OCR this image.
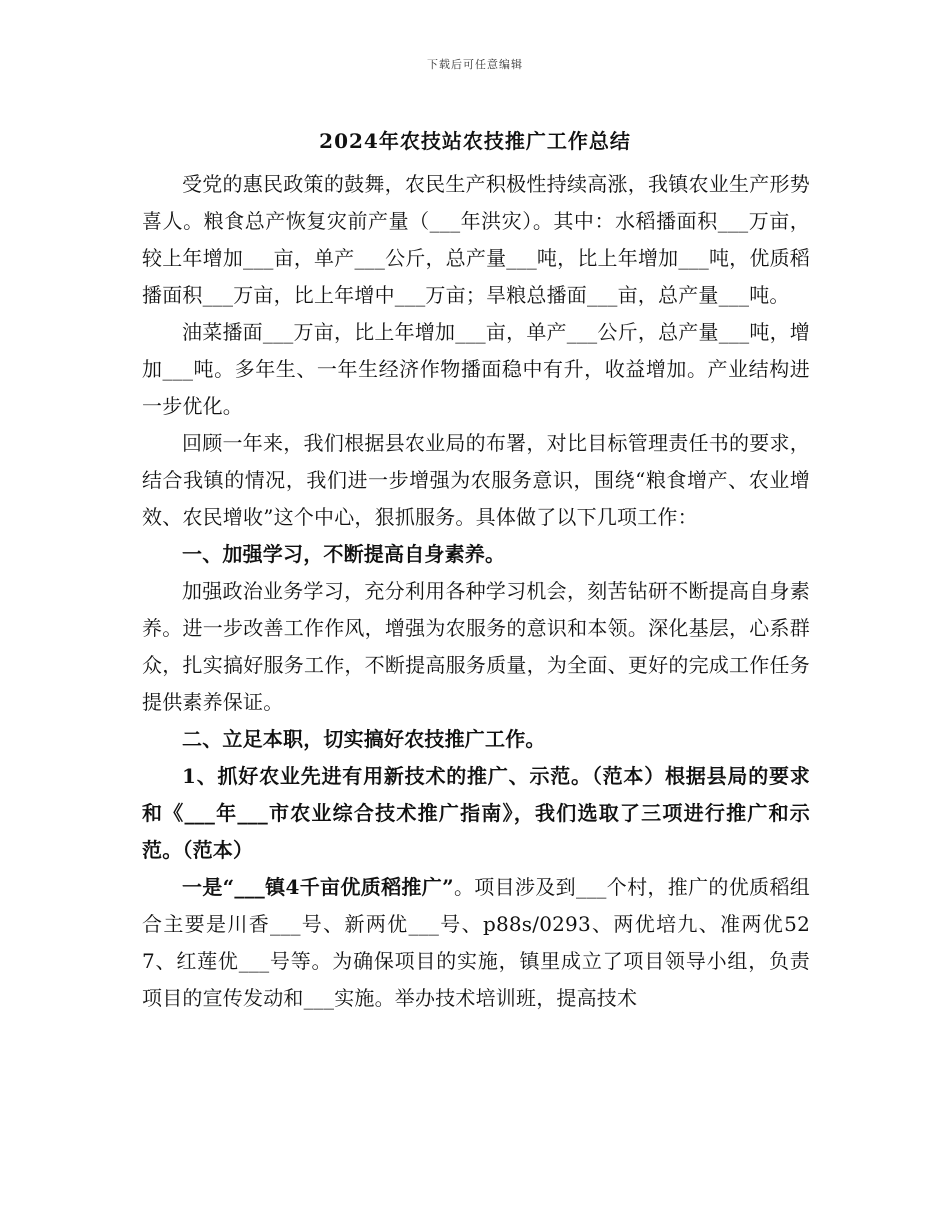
下载后可任意编辑
2024年农技站农技推广工作总结

受党的惠民政策的鼓舞，农民生产积极性持续高涨，我镇农业生产形势喜人。粮食总产恢复灾前产量（___年洪灾）。其中：水稻播面积___万亩，较上年增加___亩，单产___公斤，总产量___吨，比上年增加___吨，优质稻播面积___万亩，比上年增中___万亩；旱粮总播面___亩，总产量___吨。

油菜播面___万亩，比上年增加___亩，单产___公斤，总产量___吨，增加___吨。多年生、一年生经济作物播面稳中有升，收益增加。产业结构进一步优化。

回顾一年来，我们根据县农业局的布署，对比目标管理责任书的要求，结合我镇的情况，我们进一步增强为农服务意识，围绕“粮食增产、农业增效、农民增收”这个中心，狠抓服务。具体做了以下几项工作：

一、加强学习，不断提高自身素养。

加强政治业务学习，充分利用各种学习机会，刻苦钻研不断提高自身素养。进一步改善工作作风，增强为农服务的意识和本领。深化基层，心系群众，扎实搞好服务工作，不断提高服务质量，为全面、更好的完成工作任务提供素养保证。

二、立足本职，切实搞好农技推广工作。

1、抓好农业先进有用新技术的推广、示范。（范本）根据县局的要求和《___年___市农业综合技术推广指南》，我们选取了三项进行推广和示范。（范本）

一是“___镇4千亩优质稻推广”。项目涉及到___个村，推广的优质稻组合主要是川香___号、新两优___号、p88s/0293、两优培九、准两优527、红莲优___号等。为确保项目的实施，镇里成立了项目领导小组，负责项目的宣传发动和___实施。举办技术培训班，提高技术
